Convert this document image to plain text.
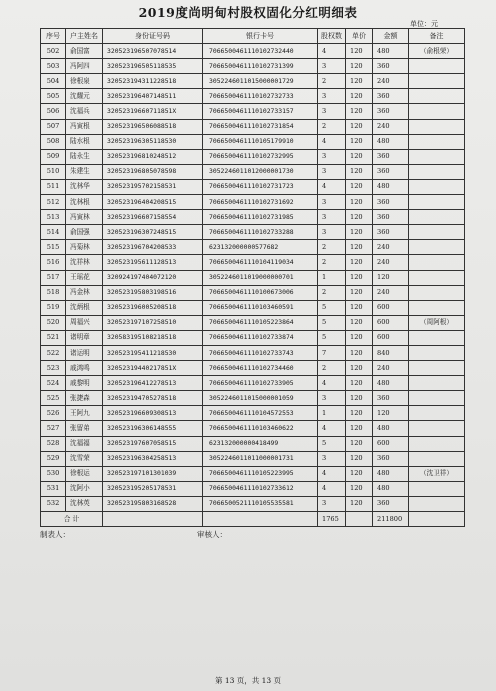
2019度尚明甸村股权固化分红明细表
单位：元
序号	户主姓名	身份证号码	银行卡号	股权数	单价	金额	备注
502	俞国富	320523196507078514	7066500461110102732440	4	120	480	（俞根荣）
503	冯阿四	320523196505118535	7066500461110102731399	3	120	360	
504	徐根泉	320523194311228518	3052246011015000001729	2	120	240	
505	沈耀元	320523196407148511	7066500461110102732733	3	120	360	
506	沈福兵	32052319660711851X	7066500461110102733157	3	120	360	
507	冯寅根	320523196506088518	7066500461110102731854	2	120	240	
508	陆水根	320523196305118530	7066500461110105179910	4	120	480	
509	陆永生	320523196810248512	7066500461110102732995	3	120	360	
510	朱建生	320523196805078598	3052246011012000001730	3	120	360	
511	沈林华	320523195702158531	7066500461110102731723	4	120	480	
512	沈林根	320523196404208515	7066500461110102731692	3	120	360	
513	冯寅林	320523196607158554	7066500461110102731985	3	120	360	
514	俞国强	320523196307248515	7066500461110102733288	3	120	360	
515	冯菊林	320523196704208533	623132000000577682	2	120	240	
516	沈祥林	320523195611128513	7066500461110104119034	2	120	240	
517	王瑶花	320924197404072120	3052246011019000000701	1	120	120	
518	冯金林	320523195803198516	7066500461110100673006	2	120	240	
519	沈炳根	320523196005208518	7066500461110103460591	5	120	600	
520	周福兴	320523197107258510	7066500461110105223864	5	120	600	（周阿根）
521	诸明章	320583195108218518	7066500461110102733874	5	120	600	
522	诸运明	320523195411218530	7066500461110102733743	7	120	840	
523	戚鸿鸣	32052319440217851X	7066500461110102734460	2	120	240	
524	戚黎明	320523196412278513	7066500461110102733905	4	120	480	
525	张捷森	320523194705278518	3052246011015000001059	3	120	360	
526	王阿九	320523196609308513	7066500461110104572553	1	120	120	
527	张留弟	320523196306148555	7066500461110103460622	4	120	480	
528	沈福福	320523197607058515	623132000000418499	5	120	600	
529	沈雪荣	320523196304258513	3052246011011000001731	3	120	360	
530	徐根运	320523197101301039	7066500461110105223995	4	120	480	（沈卫祥）
531	沈阿小	320523195205178531	7066500461110102733612	4	120	480	
532	沈林英	320523195803168528	7066500521110105535581	3	120	360	
合 计				1765		211800	
制表人：	审核人：
第 13 页，共 13 页
